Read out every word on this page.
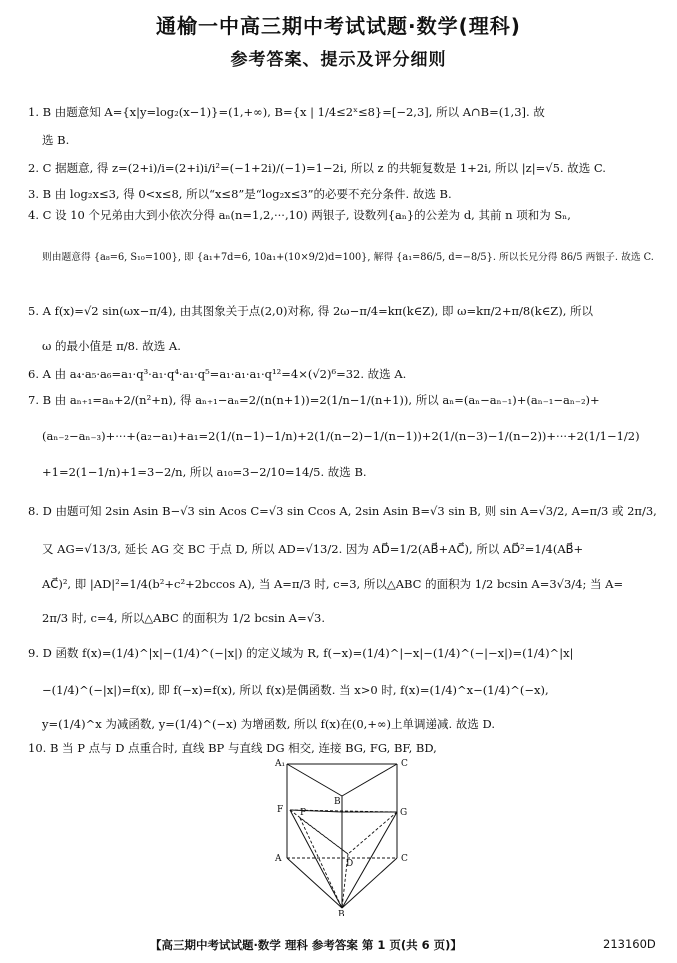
通榆一中高三期中考试试题·数学(理科)
参考答案、提示及评分细则
1. B 由题意知 A={x|y=log₂(x−1)}=(1,+∞), B={x | 1/4≤2ˣ≤8}=[−2,3], 所以 A∩B=(1,3]. 故
选 B.
2. C 据题意, 得 z=(2+i)/i=(2+i)i/i²=(−1+2i)/(−1)=1−2i, 所以 z 的共轭复数是 1+2i, 所以 |z|=√5. 故选 C.
3. B 由 log₂x≤3, 得 0<x≤8, 所以“x≤8”是“log₂x≤3”的必要不充分条件. 故选 B.
4. C 设 10 个兄弟由大到小依次分得 aₙ(n=1,2,···,10) 两银子, 设数列{aₙ}的公差为 d, 其前 n 项和为 Sₙ,
则由题意得 {a₈=6, S₁₀=100}, 即 {a₁+7d=6, 10a₁+(10×9/2)d=100}, 解得 {a₁=86/5, d=−8/5}. 所以长兄分得 86/5 两银子. 故选 C.
5. A f(x)=√2 sin(ωx−π/4), 由其图象关于点(2,0)对称, 得 2ω−π/4=kπ(k∈Z), 即 ω=kπ/2+π/8(k∈Z), 所以
ω 的最小值是 π/8. 故选 A.
6. A 由 a₄·a₅·a₆=a₁·q³·a₁·q⁴·a₁·q⁵=a₁·a₁·a₁·q¹²=4×(√2)⁶=32. 故选 A.
7. B 由 aₙ₊₁=aₙ+2/(n²+n), 得 aₙ₊₁−aₙ=2/(n(n+1))=2(1/n−1/(n+1)), 所以 aₙ=(aₙ−aₙ₋₁)+(aₙ₋₁−aₙ₋₂)+
(aₙ₋₂−aₙ₋₃)+···+(a₂−a₁)+a₁=2(1/(n−1)−1/n)+2(1/(n−2)−1/(n−1))+2(1/(n−3)−1/(n−2))+···+2(1/1−1/2)
+1=2(1−1/n)+1=3−2/n, 所以 a₁₀=3−2/10=14/5. 故选 B.
8. D 由题可知 2sin Asin B−√3 sin Acos C=√3 sin Ccos A, 2sin Asin B=√3 sin B, 则 sin A=√3/2, A=π/3 或 2π/3,
又 AG=√13/3, 延长 AG 交 BC 于点 D, 所以 AD=√13/2. 因为 AD⃗=1/2(AB⃗+AC⃗), 所以 AD⃗²=1/4(AB⃗+
AC⃗)², 即 |AD|²=1/4(b²+c²+2bccos A), 当 A=π/3 时, c=3, 所以△ABC 的面积为 1/2 bcsin A=3√3/4; 当 A=
2π/3 时, c=4, 所以△ABC 的面积为 1/2 bcsin A=√3.
9. D 函数 f(x)=(1/4)^|x|−(1/4)^(−|x|) 的定义域为 R, f(−x)=(1/4)^|−x|−(1/4)^(−|−x|)=(1/4)^|x|
−(1/4)^(−|x|)=f(x), 即 f(−x)=f(x), 所以 f(x)是偶函数. 当 x>0 时, f(x)=(1/4)^x−(1/4)^(−x),
y=(1/4)^x 为减函数, y=(1/4)^(−x) 为增函数, 所以 f(x)在(0,+∞)上单调递减. 故选 D.
10. B 当 P 点与 D 点重合时, 直线 BP 与直线 DG 相交, 连接 BG, FG, BF, BD,
A₁	C
B
F P	G
A	D	C
B
【高三期中考试试题·数学 理科 参考答案 第 1 页(共 6 页)】	213160D
